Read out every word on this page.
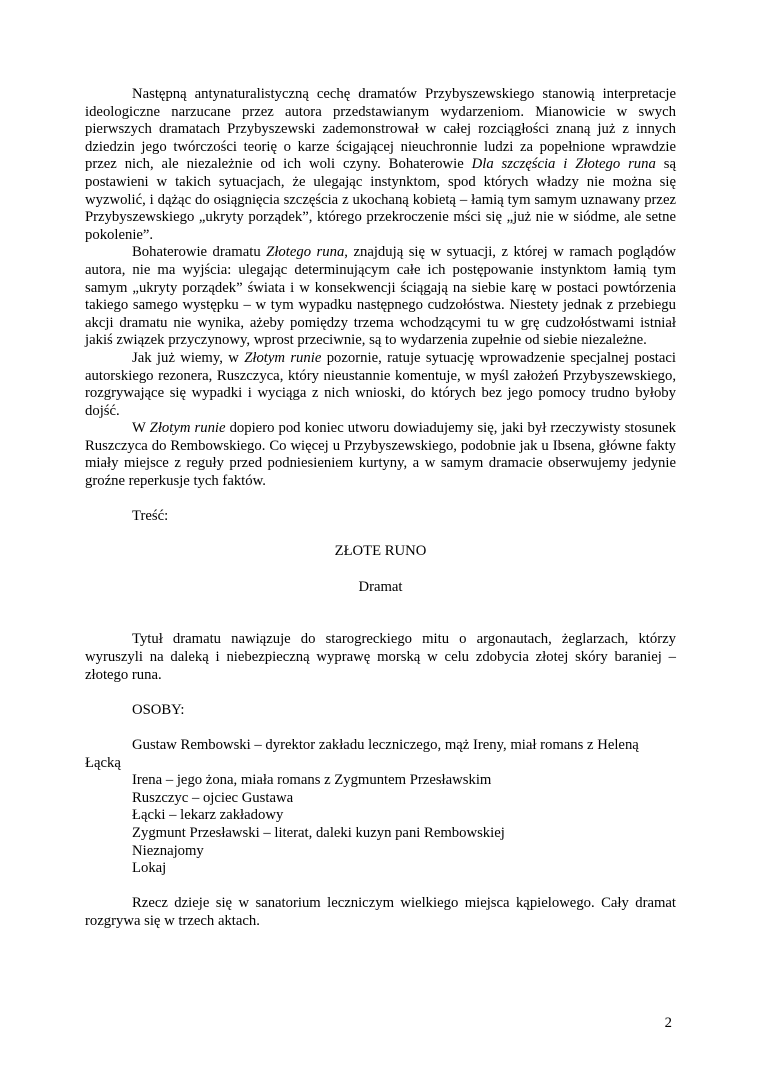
Następną antynaturalistyczną cechę dramatów Przybyszewskiego stanowią interpretacje ideologiczne narzucane przez autora przedstawianym wydarzeniom. Mianowicie w swych pierwszych dramatach Przybyszewski zademonstrował w całej rozciągłości znaną już z innych dziedzin jego twórczości teorię o karze ścigającej nieuchronnie ludzi za popełnione wprawdzie przez nich, ale niezależnie od ich woli czyny. Bohaterowie Dla szczęścia i Złotego runa są postawieni w takich sytuacjach, że ulegając instynktom, spod których władzy nie można się wyzwolić, i dążąc do osiągnięcia szczęścia z ukochaną kobietą – łamią tym samym uznawany przez Przybyszewskiego „ukryty porządek”, którego przekroczenie mści się „już nie w siódme, ale setne pokolenie”.

Bohaterowie dramatu Złotego runa, znajdują się w sytuacji, z której w ramach poglądów autora, nie ma wyjścia: ulegając determinującym całe ich postępowanie instynktom łamią tym samym „ukryty porządek” świata i w konsekwencji ściągają na siebie karę w postaci powtórzenia takiego samego występku – w tym wypadku następnego cudzołóstwa. Niestety jednak z przebiegu akcji dramatu nie wynika, ażeby pomiędzy trzema wchodzącymi tu w grę cudzołóstwami istniał jakiś związek przyczynowy, wprost przeciwnie, są to wydarzenia zupełnie od siebie niezależne.

Jak już wiemy, w Złotym runie pozornie, ratuje sytuację wprowadzenie specjalnej postaci autorskiego rezonera, Ruszczyca, który nieustannie komentuje, w myśl założeń Przybyszewskiego, rozgrywające się wypadki i wyciąga z nich wnioski, do których bez jego pomocy trudno byłoby dojść.

W Złotym runie dopiero pod koniec utworu dowiadujemy się, jaki był rzeczywisty stosunek Ruszczyca do Rembowskiego. Co więcej u Przybyszewskiego, podobnie jak u Ibsena, główne fakty miały miejsce z reguły przed podniesieniem kurtyny, a w samym dramacie obserwujemy jedynie groźne reperkusje tych faktów.

Treść:

ZŁOTE RUNO

Dramat

Tytuł dramatu nawiązuje do starogreckiego mitu o argonautach, żeglarzach, którzy wyruszyli na daleką i niebezpieczną wyprawę morską w celu zdobycia złotej skóry baraniej – złotego runa.

OSOBY:

Gustaw Rembowski – dyrektor zakładu leczniczego, mąż Ireny, miał romans z Heleną Łącką

Irena – jego żona, miała romans z Zygmuntem Przesławskim

Ruszczyc – ojciec Gustawa

Łącki – lekarz zakładowy

Zygmunt Przesławski – literat, daleki kuzyn pani Rembowskiej

Nieznajomy

Lokaj

Rzecz dzieje się w sanatorium leczniczym wielkiego miejsca kąpielowego. Cały dramat rozgrywa się w trzech aktach.

2
